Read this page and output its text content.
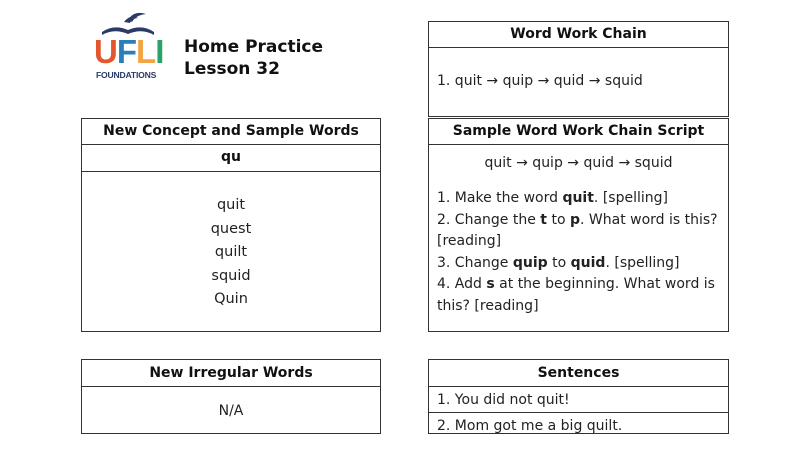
UFLI
FOUNDATIONS
Home Practice
Lesson 32
New Concept and Sample Words
qu
quit
quest
quilt
squid
Quin
New Irregular Words
N/A
Word Work Chain
1. quit → quip → quid → squid
Sample Word Work Chain Script
quit → quip → quid → squid

1. Make the word quit. [spelling]

2. Change the t to p. What word is this? [reading]

3. Change quip to quid. [spelling]

4. Add s at the beginning. What word is this? [reading]

Sentences
1. You did not quit!
2. Mom got me a big quilt.
